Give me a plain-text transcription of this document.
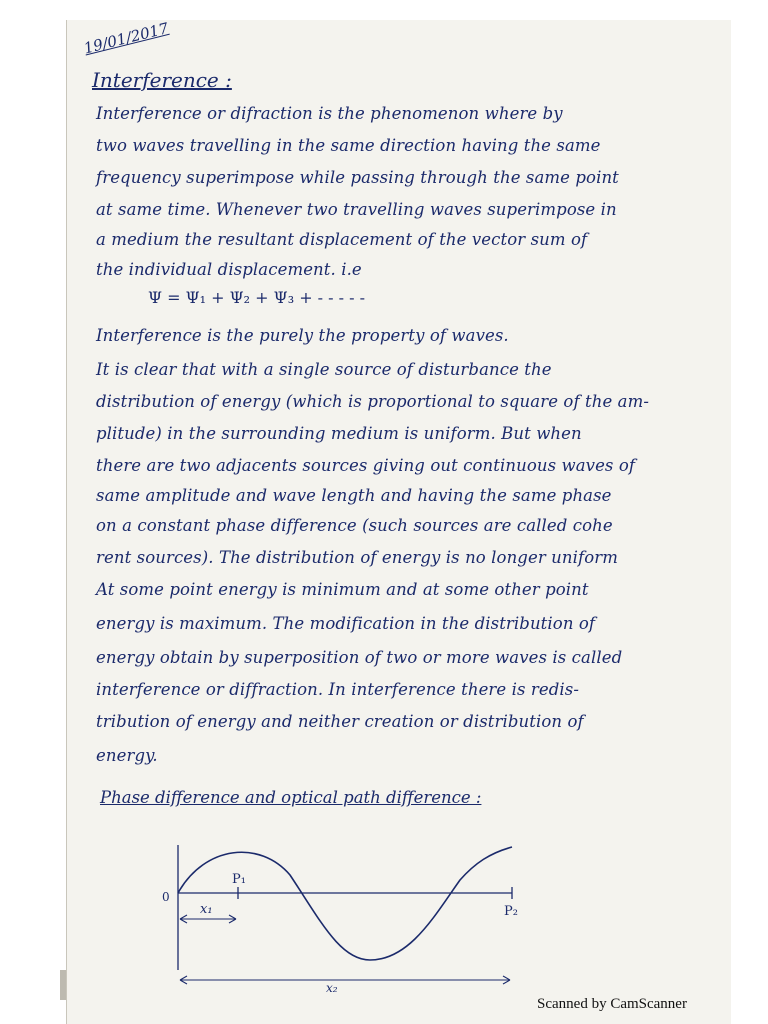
19/01/2017
Interference :
Interference or difraction is the phenomenon where by
two waves travelling in the same direction having the same
frequency superimpose while passing through the same point
at same time. Whenever two travelling waves superimpose in
a medium the resultant displacement of the vector sum of
the individual displacement. i.e
Ψ = Ψ₁ + Ψ₂ + Ψ₃ + - - - - -
Interference is the purely the property of waves.
It is clear that with a single source of disturbance the
distribution of energy (which is proportional to square of the am-
plitude) in the surrounding medium is uniform. But when
there are two adjacents sources giving out continuous waves of
same amplitude and wave length and having the same phase
on a constant phase difference (such sources are called cohe
rent sources). The distribution of energy is no longer uniform
At some point energy is minimum and at some other point
energy is maximum. The modification in the distribution of
energy obtain by superposition of two or more waves is called
interference or diffraction. In interference there is redis-
tribution of energy and neither creation or distribution of
energy.
Phase difference and optical path difference :
0
P₁
P₂
x₁
x₂
Scanned by CamScanner
